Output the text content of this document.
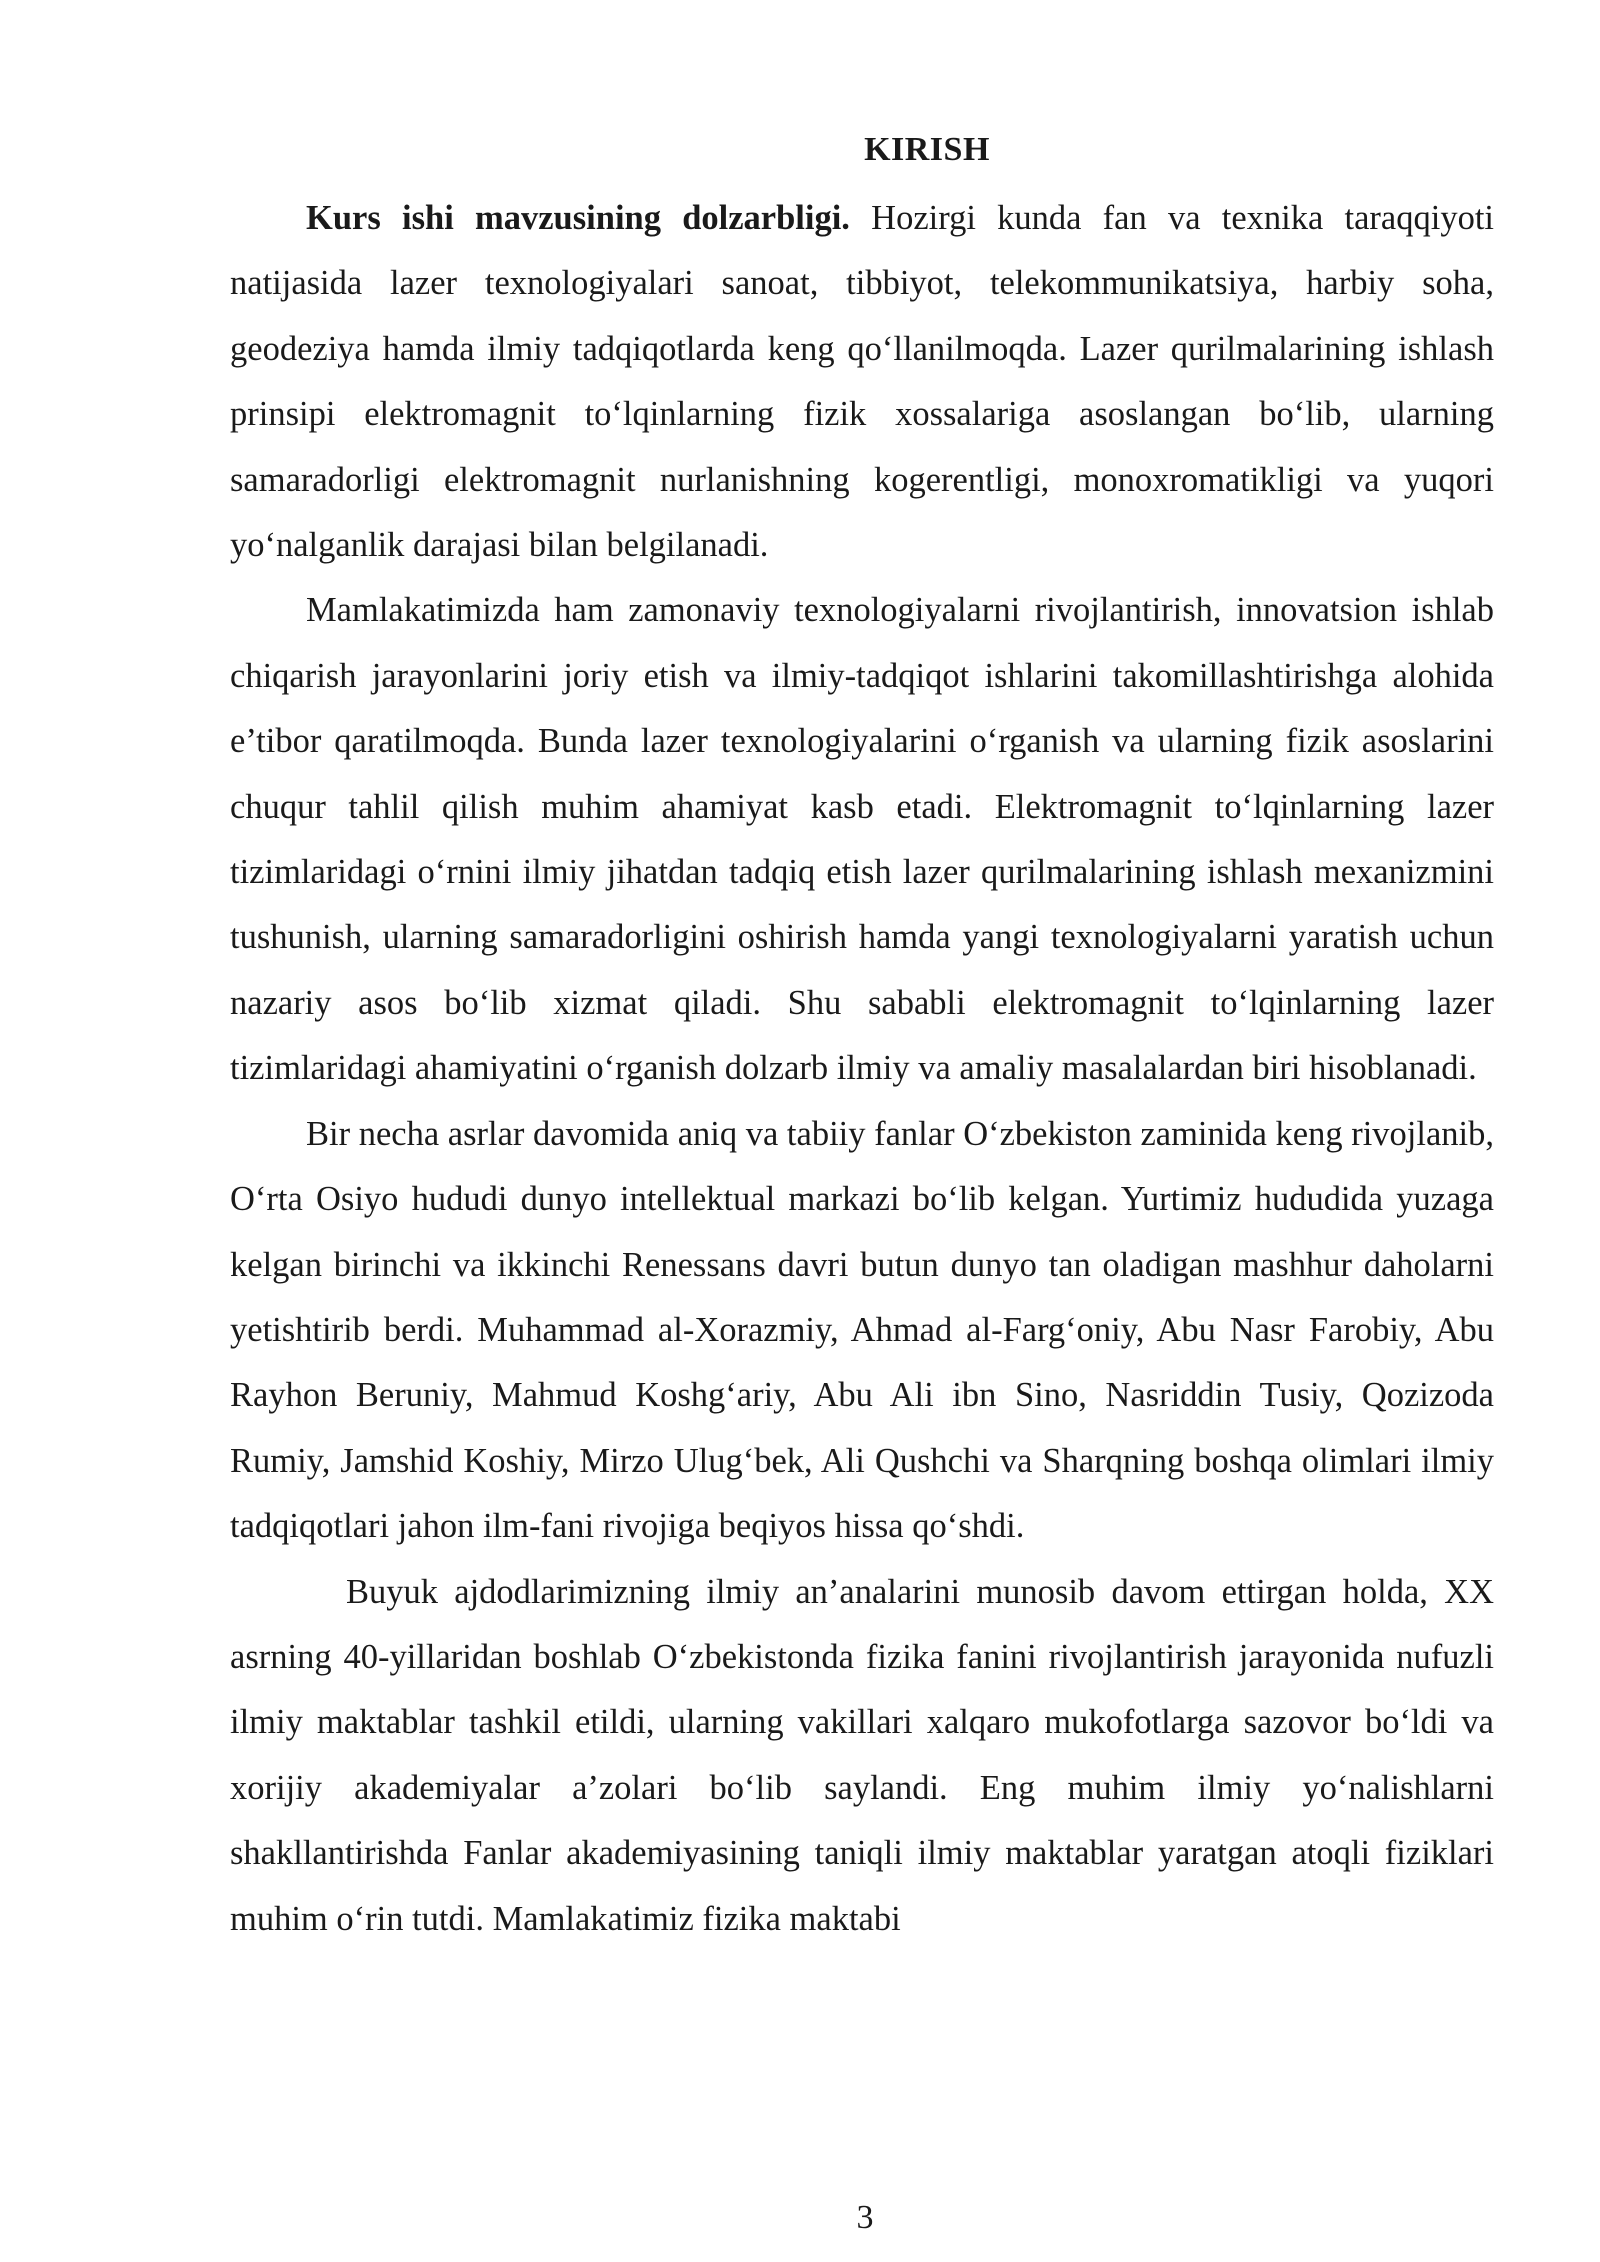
KIRISH

Kurs ishi mavzusining dolzarbligi. Hozirgi kunda fan va texnika taraqqiyoti natijasida lazer texnologiyalari sanoat, tibbiyot, telekommunikatsiya, harbiy soha, geodeziya hamda ilmiy tadqiqotlarda keng qo‘llanilmoqda. Lazer qurilmalarining ishlash prinsipi elektromagnit to‘lqinlarning fizik xossalariga asoslangan bo‘lib, ularning samaradorligi elektromagnit nurlanishning kogerentligi, monoxromatikligi va yuqori yo‘nalganlik darajasi bilan belgilanadi.

Mamlakatimizda ham zamonaviy texnologiyalarni rivojlantirish, innovatsion ishlab chiqarish jarayonlarini joriy etish va ilmiy-tadqiqot ishlarini takomillashtirishga alohida e’tibor qaratilmoqda. Bunda lazer texnologiyalarini o‘rganish va ularning fizik asoslarini chuqur tahlil qilish muhim ahamiyat kasb etadi. Elektromagnit to‘lqinlarning lazer tizimlaridagi o‘rnini ilmiy jihatdan tadqiq etish lazer qurilmalarining ishlash mexanizmini tushunish, ularning samaradorligini oshirish hamda yangi texnologiyalarni yaratish uchun nazariy asos bo‘lib xizmat qiladi. Shu sababli elektromagnit to‘lqinlarning lazer tizimlaridagi ahamiyatini o‘rganish dolzarb ilmiy va amaliy masalalardan biri hisoblanadi.

Bir necha asrlar davomida aniq va tabiiy fanlar O‘zbekiston zaminida keng rivojlanib, O‘rta Osiyo hududi dunyo intellektual markazi bo‘lib kelgan. Yurtimiz hududida yuzaga kelgan birinchi va ikkinchi Renessans davri butun dunyo tan oladigan mashhur daholarni yetishtirib berdi. Muhammad al-Xorazmiy, Ahmad al-Farg‘oniy, Abu Nasr Farobiy, Abu Rayhon Beruniy, Mahmud Koshg‘ariy, Abu Ali ibn Sino, Nasriddin Tusiy, Qozizoda Rumiy, Jamshid Koshiy, Mirzo Ulug‘bek, Ali Qushchi va Sharqning boshqa olimlari ilmiy tadqiqotlari jahon ilm-fani rivojiga beqiyos hissa qo‘shdi.

Buyuk ajdodlarimizning ilmiy an’analarini munosib davom ettirgan holda, XX asrning 40-yillaridan boshlab O‘zbekistonda fizika fanini rivojlantirish jarayonida nufuzli ilmiy maktablar tashkil etildi, ularning vakillari xalqaro mukofotlarga sazovor bo‘ldi va xorijiy akademiyalar a’zolari bo‘lib saylandi. Eng muhim ilmiy yo‘nalishlarni shakllantirishda Fanlar akademiyasining taniqli ilmiy maktablar yaratgan atoqli fiziklari muhim o‘rin tutdi. Mamlakatimiz fizika maktabi

3
